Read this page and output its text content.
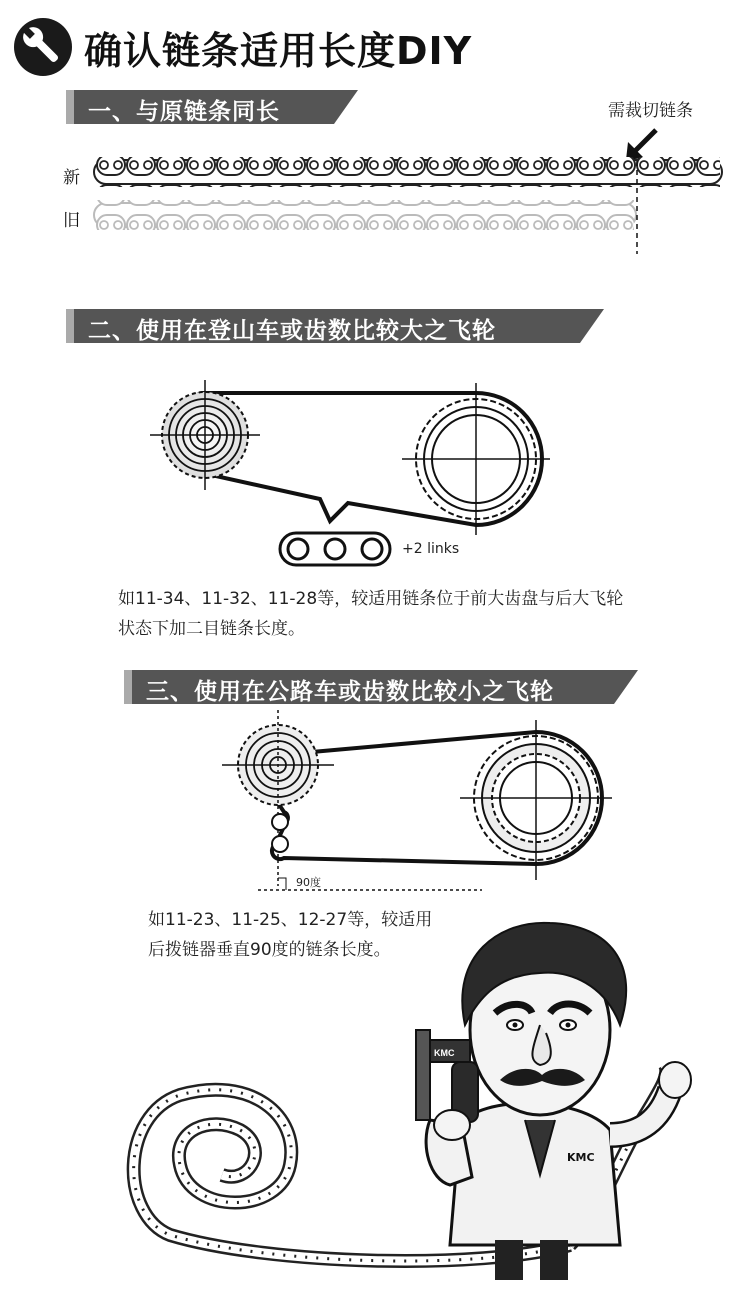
确认链条适用长度DIY
一、与原链条同长	需裁切链条
新
旧
二、使用在登山车或齿数比较大之飞轮
+2 links
如11-34、11-32、11-28等，较适用链条位于前大齿盘与后大飞轮
状态下加二目链条长度。
三、使用在公路车或齿数比较小之飞轮
90度
如11-23、11-25、12-27等，较适用
后拨链器垂直90度的链条长度。
KMC
KMC
